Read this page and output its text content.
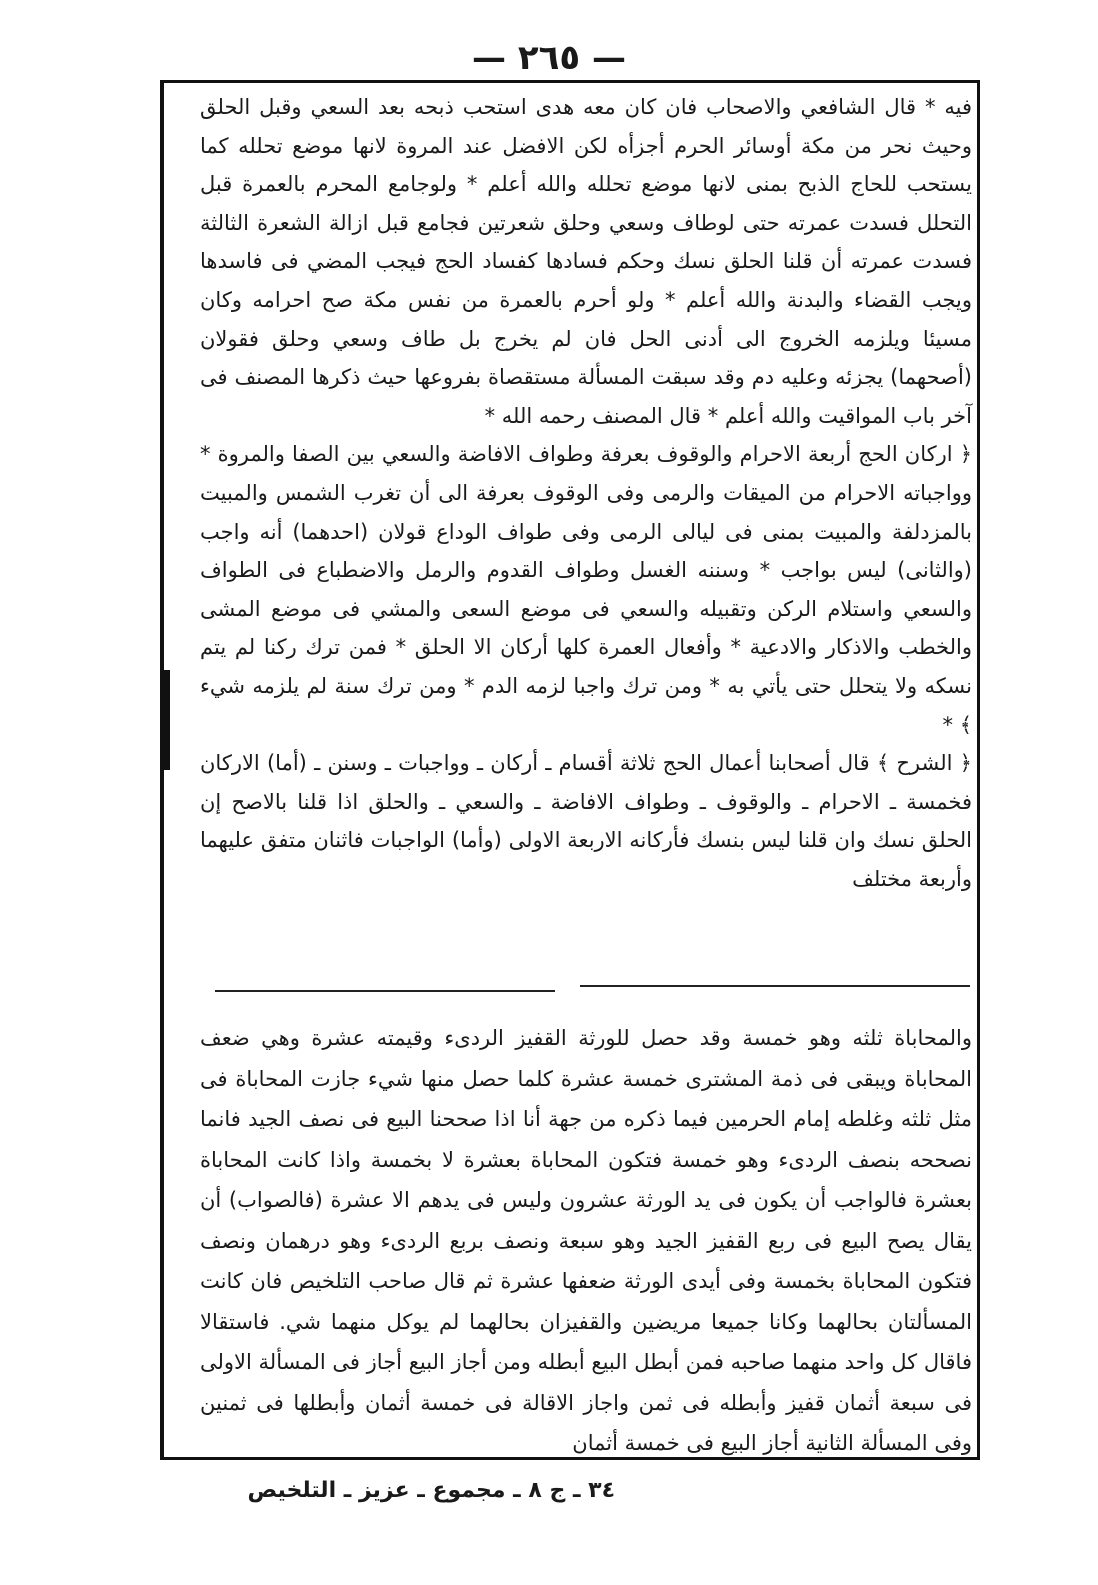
— ٢٦٥ —

فيه * قال الشافعي والاصحاب فان كان معه هدى استحب ذبحه بعد السعي وقبل الحلق وحيث نحر من مكة أوسائر الحرم أجزأه لكن الافضل عند المروة لانها موضع تحلله كما يستحب للحاج الذبح بمنى لانها موضع تحلله والله أعلم * ولوجامع المحرم بالعمرة قبل التحلل فسدت عمرته حتى لوطاف وسعي وحلق شعرتين فجامع قبل ازالة الشعرة الثالثة فسدت عمرته أن قلنا الحلق نسك وحكم فسادها كفساد الحج فيجب المضي فى فاسدها ويجب القضاء والبدنة والله أعلم * ولو أحرم بالعمرة من نفس مكة صح احرامه وكان مسيئا ويلزمه الخروج الى أدنى الحل فان لم يخرج بل طاف وسعي وحلق فقولان (أصحهما) يجزئه وعليه دم وقد سبقت المسألة مستقصاة بفروعها حيث ذكرها المصنف فى آخر باب المواقيت والله أعلم * قال المصنف رحمه الله *

﴿ اركان الحج أربعة الاحرام والوقوف بعرفة وطواف الافاضة والسعي بين الصفا والمروة * وواجباته الاحرام من الميقات والرمى وفى الوقوف بعرفة الى أن تغرب الشمس والمبيت بالمزدلفة والمبيت بمنى فى ليالى الرمى وفى طواف الوداع قولان (احدهما) أنه واجب (والثانى) ليس بواجب * وسننه الغسل وطواف القدوم والرمل والاضطباع فى الطواف والسعي واستلام الركن وتقبيله والسعي فى موضع السعى والمشي فى موضع المشى والخطب والاذكار والادعية * وأفعال العمرة كلها أركان الا الحلق * فمن ترك ركنا لم يتم نسكه ولا يتحلل حتى يأتي به * ومن ترك واجبا لزمه الدم * ومن ترك سنة لم يلزمه شيء ﴾ *

﴿ الشرح ﴾ قال أصحابنا أعمال الحج ثلاثة أقسام ـ أركان ـ وواجبات ـ وسنن ـ (أما) الاركان فخمسة ـ الاحرام ـ والوقوف ـ وطواف الافاضة ـ والسعي ـ والحلق اذا قلنا بالاصح إن الحلق نسك وان قلنا ليس بنسك فأركانه الاربعة الاولى (وأما) الواجبات فاثنان متفق عليهما وأربعة مختلف

والمحاباة ثلثه وهو خمسة وقد حصل للورثة القفيز الردىء وقيمته عشرة وهي ضعف المحاباة ويبقى فى ذمة المشترى خمسة عشرة كلما حصل منها شيء جازت المحاباة فى مثل ثلثه وغلطه إمام الحرمين فيما ذكره من جهة أنا اذا صححنا البيع فى نصف الجيد فانما نصححه بنصف الردىء وهو خمسة فتكون المحاباة بعشرة لا بخمسة واذا كانت المحاباة بعشرة فالواجب أن يكون فى يد الورثة عشرون وليس فى يدهم الا عشرة (فالصواب) أن يقال يصح البيع فى ربع القفيز الجيد وهو سبعة ونصف بربع الردىء وهو درهمان ونصف فتكون المحاباة بخمسة وفى أيدى الورثة ضعفها عشرة ثم قال صاحب التلخيص فان كانت المسألتان بحالهما وكانا جميعا مريضين والقفيزان بحالهما لم يوكل منهما شي. فاستقالا فاقال كل واحد منهما صاحبه فمن أبطل البيع أبطله ومن أجاز البيع أجاز فى المسألة الاولى فى سبعة أثمان قفيز وأبطله فى ثمن واجاز الاقالة فى خمسة أثمان وأبطلها فى ثمنين وفى المسألة الثانية أجاز البيع فى خمسة أثمان

٣٤ ـ ج ٨ ـ مجموع ـ عزيز ـ التلخيص
